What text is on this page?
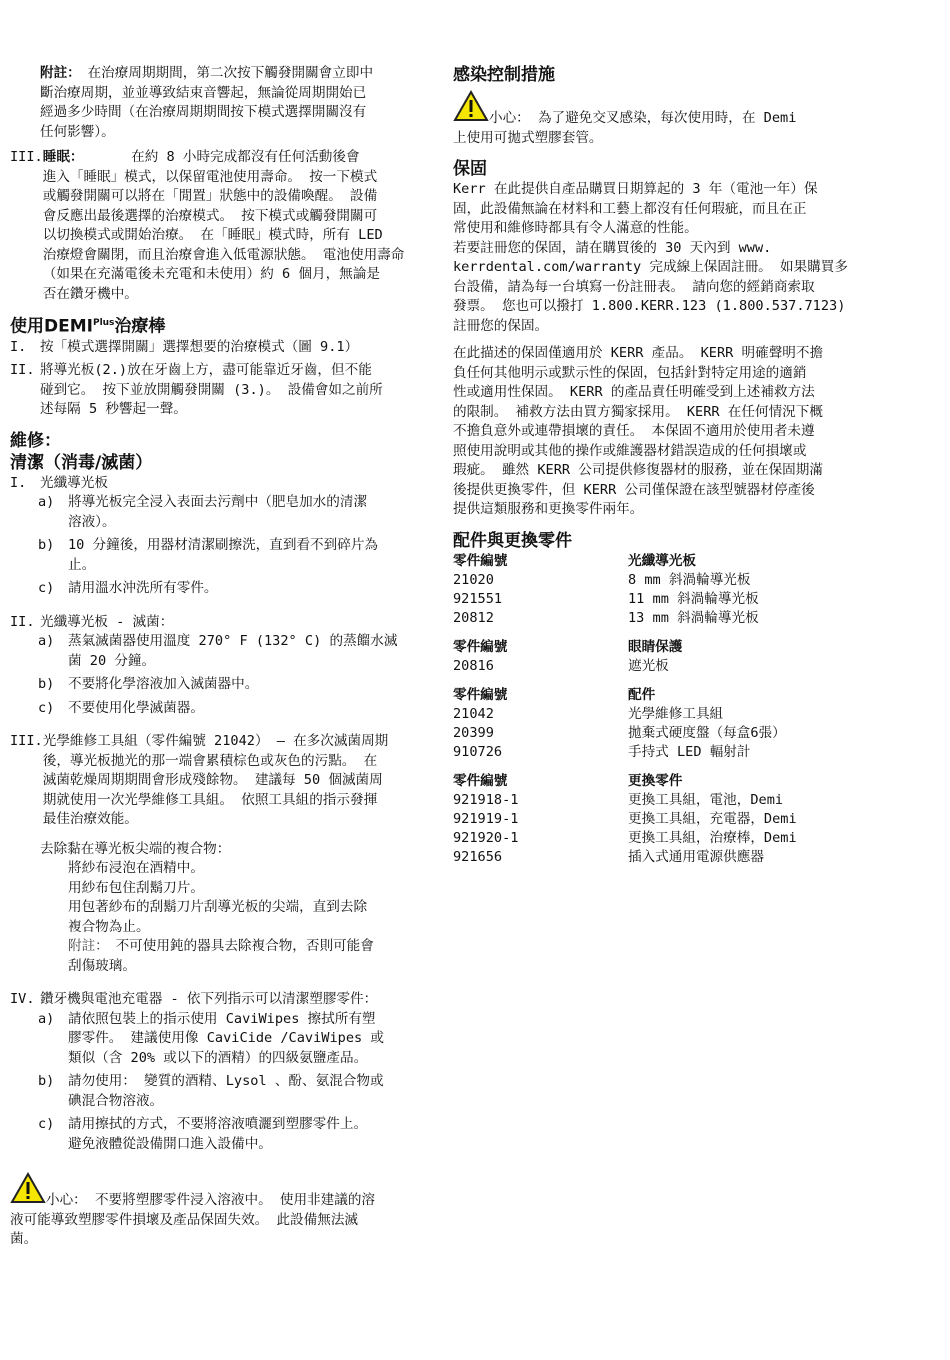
附註：　在治療周期期間，第二次按下觸發開關會立即中

斷治療周期，並並導致結束音響起，無論從周期開始已

經過多少時間（在治療周期期間按下模式選擇開關沒有

任何影響）。

III. 睡眠：　　　　在約 8 小時完成都沒有任何活動後會

進入「睡眠」模式，以保留電池使用壽命。 按一下模式

或觸發開關可以將在「閒置」狀態中的設備喚醒。 設備

會反應出最後選擇的治療模式。 按下模式或觸發開關可

以切換模式或開始治療。 在「睡眠」模式時，所有 LED

治療燈會關閉，而且治療會進入低電源狀態。 電池使用壽命

（如果在充滿電後未充電和未使用）約 6 個月，無論是

否在鑽牙機中。

使用$DEMI^{Plus}$治療棒
I.	按「模式選擇開關」選擇想要的治療模式（圖 9.1）

II. 將導光板(2.)放在牙齒上方，盡可能靠近牙齒，但不能

碰到它。 按下並放開觸發開關 (3.)。 設備會如之前所

述每隔 5 秒響起一聲。

維修：
清潔（消毒/滅菌）
I.	光纖導光板

a)	將導光板完全浸入表面去污劑中（肥皂加水的清潔

溶液）。

b)	10 分鐘後，用器材清潔刷擦洗，直到看不到碎片為

止。

c)	請用溫水沖洗所有零件。

II. 光纖導光板 - 滅菌：

a)	蒸氣滅菌器使用溫度 270° F (132° C) 的蒸餾水滅

菌 20 分鐘。

b)	不要將化學溶液加入滅菌器中。

c)	不要使用化學滅菌器。

III. 光學維修工具組（零件編號 21042） – 在多次滅菌周期

後，導光板拋光的那一端會累積棕色或灰色的污點。 在

滅菌乾燥周期期間會形成殘餘物。 建議每 50 個滅菌周

期就使用一次光學維修工具組。 依照工具組的指示發揮

最佳治療效能。

去除黏在導光板尖端的複合物：

將紗布浸泡在酒精中。

用紗布包住刮鬍刀片。

用包著紗布的刮鬍刀片刮導光板的尖端，直到去除

複合物為止。

附註：　不可使用鈍的器具去除複合物，否則可能會

刮傷玻璃。

IV. 鑽牙機與電池充電器 - 依下列指示可以清潔塑膠零件：

a)	請依照包裝上的指示使用 CaviWipes 擦拭所有塑

膠零件。 建議使用像 CaviCide /CaviWipes 或

類似（含 20% 或以下的酒精）的四級氨鹽產品。

b)	請勿使用： 變質的酒精、Lysol 、酚、氨混合物或

碘混合物溶液。

c)	請用擦拭的方式，不要將溶液噴灑到塑膠零件上。

避免液體從設備開口進入設備中。

小心： 不要將塑膠零件浸入溶液中。 使用非建議的溶

液可能導致塑膠零件損壞及產品保固失效。 此設備無法滅

菌。

感染控制措施

小心： 為了避免交叉感染，每次使用時，在 Demi

上使用可拋式塑膠套管。

保固

Kerr 在此提供自產品購買日期算起的 3 年（電池一年）保

固，此設備無論在材料和工藝上都沒有任何瑕疵，而且在正

常使用和維修時都具有令人滿意的性能。

若要註冊您的保固，請在購買後的 30 天內到 www.

kerrdental.com/warranty 完成線上保固註冊。 如果購買多

台設備，請為每一台填寫一份註冊表。 請向您的經銷商索取

發票。 您也可以撥打 1.800.KERR.123 (1.800.537.7123)

註冊您的保固。

在此描述的保固僅適用於 KERR 產品。 KERR 明確聲明不擔

負任何其他明示或默示性的保固，包括針對特定用途的適銷

性或適用性保固。 KERR 的產品責任明確受到上述補救方法

的限制。 補救方法由買方獨家採用。 KERR 在任何情況下概

不擔負意外或連帶損壞的責任。 本保固不適用於使用者未遵

照使用說明或其他的操作或維護器材錯誤造成的任何損壞或

瑕疵。 雖然 KERR 公司提供修復器材的服務，並在保固期滿

後提供更換零件，但 KERR 公司僅保證在該型號器材停產後

提供這類服務和更換零件兩年。

配件與更換零件
零件編號	光纖導光板
21020	8 mm 斜渦輪導光板
921551	11 mm 斜渦輪導光板
20812	13 mm 斜渦輪導光板

零件編號	眼睛保護
20816	遮光板

零件編號	配件
21042	光學維修工具組
20399	拋棄式硬度盤（每盒6張）
910726	手持式 LED 輻射計

零件編號	更換零件
921918-1	更換工具組，電池，Demi
921919-1	更換工具組，充電器，Demi
921920-1	更換工具組，治療棒，Demi
921656	插入式通用電源供應器
